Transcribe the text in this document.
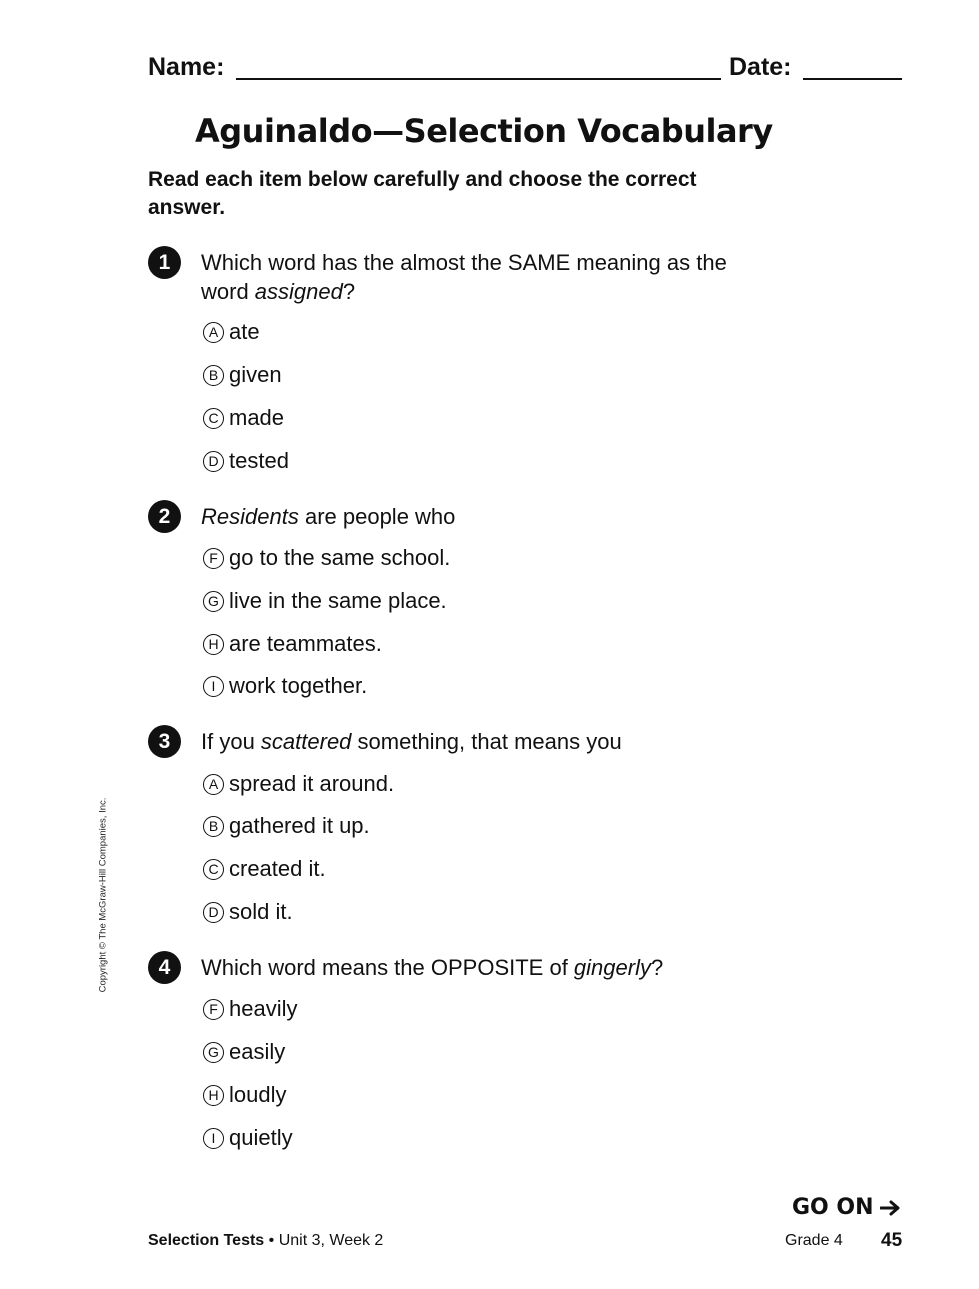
Name:	Date:
Aguinaldo—Selection Vocabulary
Read each item below carefully and choose the correct answer.
1	Which word has the almost the SAME meaning as the word assigned?
A ate
B given
C made
D tested
2	Residents are people who
F go to the same school.
G live in the same place.
H are teammates.
I work together.
3	If you scattered something, that means you
A spread it around.
B gathered it up.
C created it.
D sold it.
4	Which word means the OPPOSITE of gingerly?
F heavily
G easily
H loudly
I quietly
Copyright © The McGraw-Hill Companies, Inc.
GO ON
Selection Tests • Unit 3, Week 2	Grade 4 45
